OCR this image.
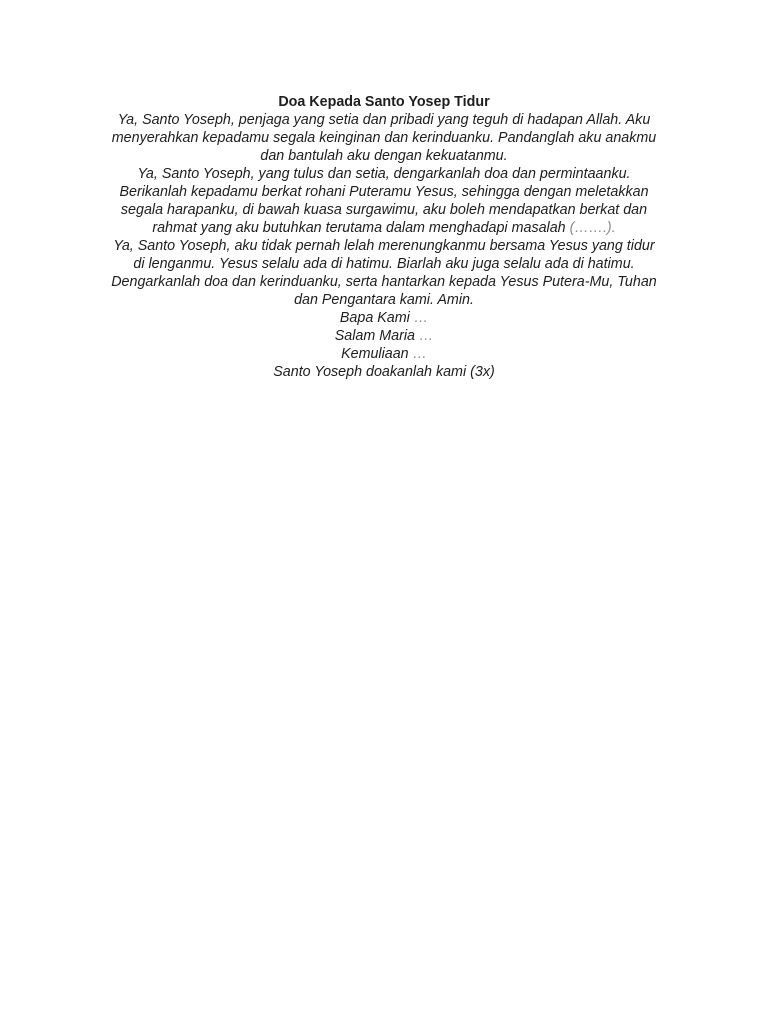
Doa Kepada Santo Yosep Tidur
Ya, Santo Yoseph, penjaga yang setia dan pribadi yang teguh di hadapan Allah. Aku
menyerahkan kepadamu segala keinginan dan kerinduanku. Pandanglah aku anakmu
dan bantulah aku dengan kekuatanmu.
Ya, Santo Yoseph, yang tulus dan setia, dengarkanlah doa dan permintaanku.
Berikanlah kepadamu berkat rohani Puteramu Yesus, sehingga dengan meletakkan
segala harapanku, di bawah kuasa surgawimu, aku boleh mendapatkan berkat dan
rahmat yang aku butuhkan terutama dalam menghadapi masalah (…….).
Ya, Santo Yoseph, aku tidak pernah lelah merenungkanmu bersama Yesus yang tidur
di lenganmu. Yesus selalu ada di hatimu. Biarlah aku juga selalu ada di hatimu.
Dengarkanlah doa dan kerinduanku, serta hantarkan kepada Yesus Putera-Mu, Tuhan
dan Pengantara kami. Amin.
Bapa Kami …
Salam Maria …
Kemuliaan …
Santo Yoseph doakanlah kami (3x)
